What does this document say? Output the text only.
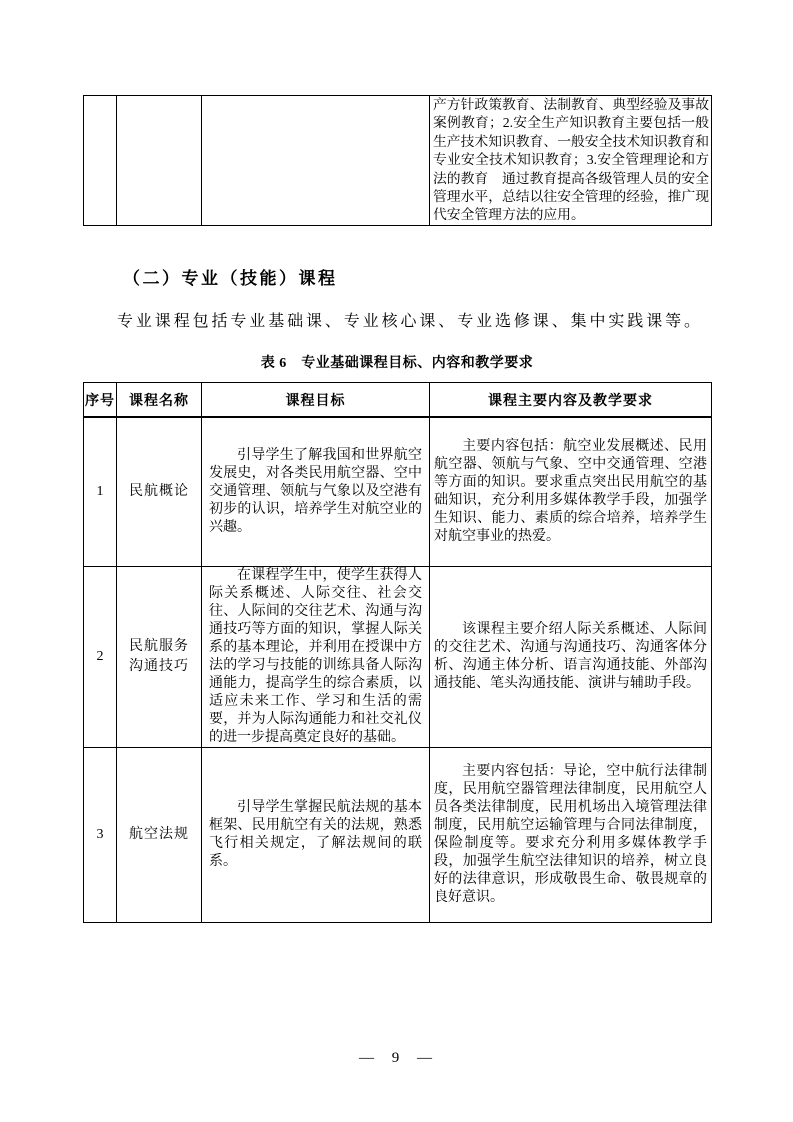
			产方针政策教育、法制教育、典型经验及事故案例教育；2.安全生产知识教育主要包括一般生产技术知识教育、一般安全技术知识教育和专业安全技术知识教育；3.安全管理理论和方法的教育　通过教育提高各级管理人员的安全管理水平，总结以往安全管理的经验，推广现代安全管理方法的应用。
（二）专业（技能）课程
专业课程包括专业基础课、专业核心课、专业选修课、集中实践课等。
表 6　专业基础课程目标、内容和教学要求
序号	课程名称	课程目标	课程主要内容及教学要求
1	民航概论	引导学生了解我国和世界航空发展史，对各类民用航空器、空中交通管理、领航与气象以及空港有初步的认识，培养学生对航空业的兴趣。	主要内容包括：航空业发展概述、民用航空器、领航与气象、空中交通管理、空港等方面的知识。要求重点突出民用航空的基础知识，充分利用多媒体教学手段，加强学生知识、能力、素质的综合培养，培养学生对航空事业的热爱。
2	民航服务沟通技巧	在课程学生中，使学生获得人际关系概述、人际交往、社会交往、人际间的交往艺术、沟通与沟通技巧等方面的知识，掌握人际关系的基本理论，并利用在授课中方法的学习与技能的训练具备人际沟通能力，提高学生的综合素质，以适应未来工作、学习和生活的需要，并为人际沟通能力和社交礼仪的进一步提高奠定良好的基础。	该课程主要介绍人际关系概述、人际间的交往艺术、沟通与沟通技巧、沟通客体分析、沟通主体分析、语言沟通技能、外部沟通技能、笔头沟通技能、演讲与辅助手段。
3	航空法规	引导学生掌握民航法规的基本框架、民用航空有关的法规，熟悉飞行相关规定，了解法规间的联系。	主要内容包括：导论，空中航行法律制度，民用航空器管理法律制度，民用航空人员各类法律制度，民用机场出入境管理法律制度，民用航空运输管理与合同法律制度，保险制度等。要求充分利用多媒体教学手段，加强学生航空法律知识的培养，树立良好的法律意识，形成敬畏生命、敬畏规章的良好意识。
— 9 —
